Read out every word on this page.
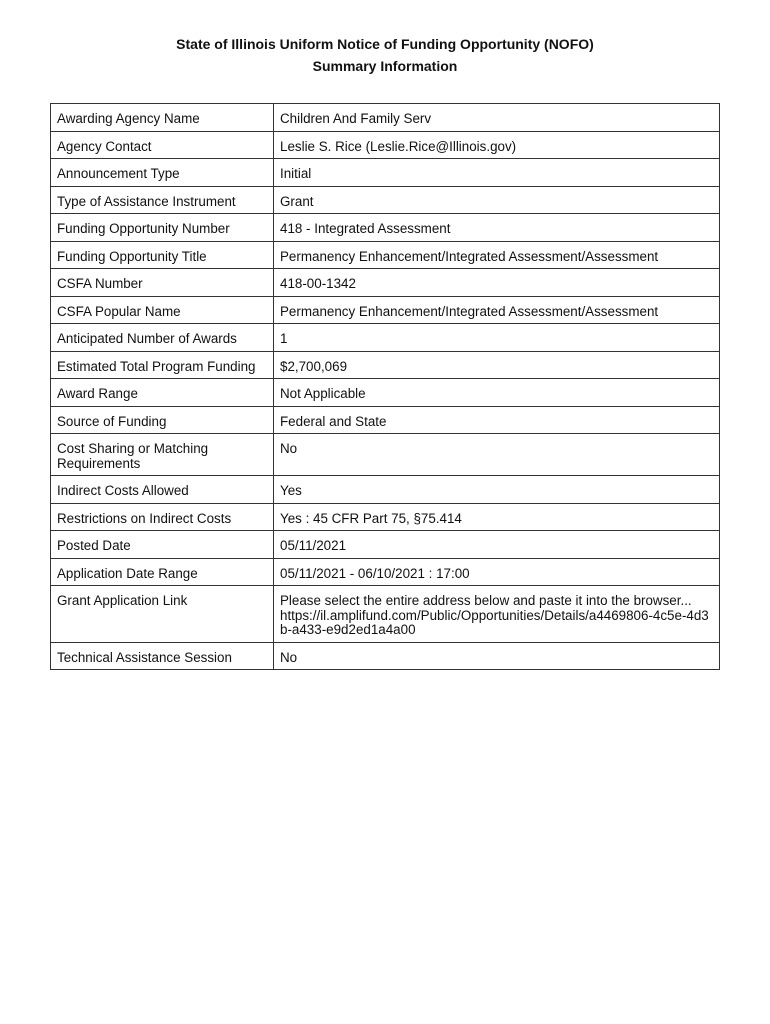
State of Illinois Uniform Notice of Funding Opportunity (NOFO)
Summary Information
Awarding Agency Name	Children And Family Serv
Agency Contact	Leslie S. Rice (Leslie.Rice@Illinois.gov)
Announcement Type	Initial
Type of Assistance Instrument	Grant
Funding Opportunity Number	418 - Integrated Assessment
Funding Opportunity Title	Permanency Enhancement/Integrated Assessment/Assessment
CSFA Number	418-00-1342
CSFA Popular Name	Permanency Enhancement/Integrated Assessment/Assessment
Anticipated Number of Awards	1
Estimated Total Program Funding	$2,700,069
Award Range	Not Applicable
Source of Funding	Federal and State
Cost Sharing or Matching Requirements	No
Indirect Costs Allowed	Yes
Restrictions on Indirect Costs	Yes : 45 CFR Part 75, §75.414
Posted Date	05/11/2021
Application Date Range	05/11/2021 - 06/10/2021 : 17:00
Grant Application Link	Please select the entire address below and paste it into the browser...
https://il.amplifund.com/Public/Opportunities/Details/a4469806-4c5e-4d3b-a433-e9d2ed1a4a00

Technical Assistance Session	No
